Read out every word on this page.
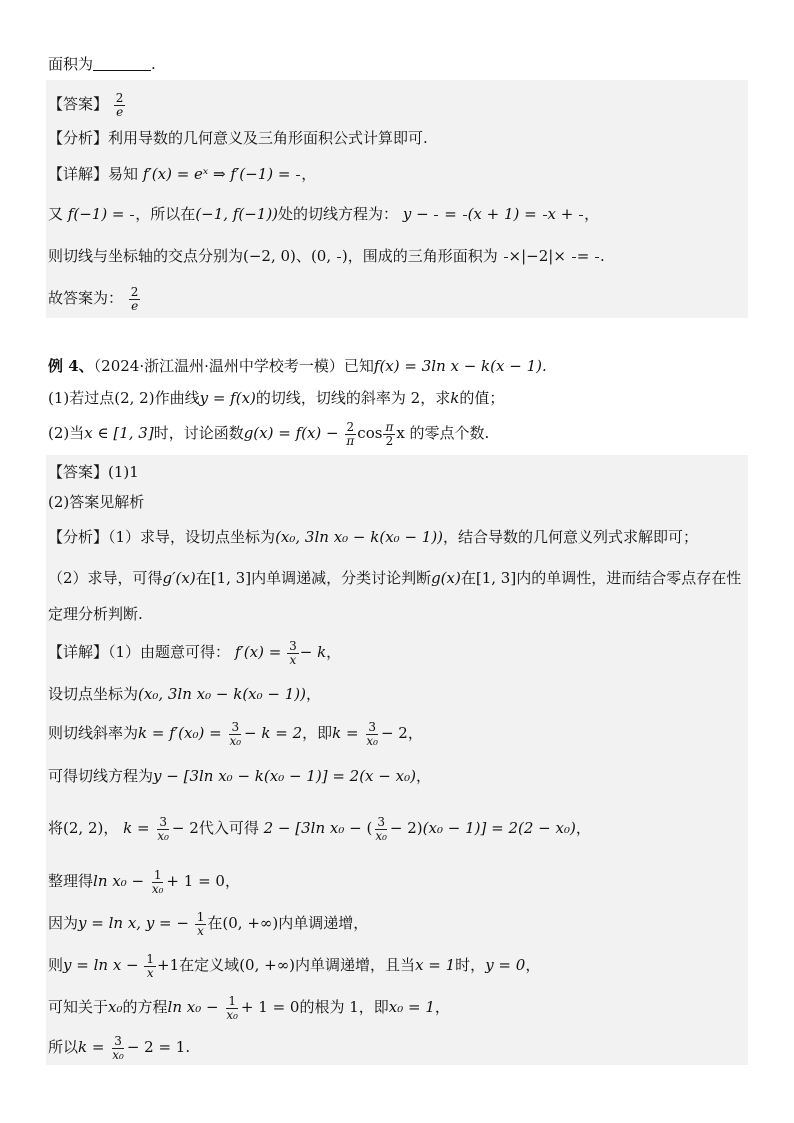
面积为	.
【答案】 $\frac{2}{e}$
【分析】利用导数的几何意义及三角形面积公式计算即可.
【详解】易知 f′(x) = eˣ ⇒ f′(−1) = ，
又 f(−1) = ，所以在(−1, f(−1))处的切线方程为： y − = (x + 1) = x + ，
则切线与坐标轴的交点分别为(−2, 0)、(0, )，围成的三角形面积为 ×|−2|× = .
故答案为： $\frac{2}{e}$
例 4、（2024·浙江温州·温州中学校考一模）已知f(x) = 3ln x − k(x − 1).
(1)若过点(2, 2)作曲线y = f(x)的切线，切线的斜率为 2，求k的值；
(2)当x ∈ [1, 3]时，讨论函数$g(x) = f(x) - \frac{2}{\pi}$ $\cos \frac{\pi}{2}$ x 的零点个数.
【答案】(1)1
(2)答案见解析
【分析】（1）求导，设切点坐标为(x₀, 3ln x₀ − k(x₀ − 1))，结合导数的几何意义列式求解即可；
（2）求导，可得g′(x)在[1, 3]内单调递减，分类讨论判断g(x)在[1, 3]内的单调性，进而结合零点存在性
定理分析判断.
【详解】（1）由题意可得： $f'(x) = \frac{3}{x} - k$，
设切点坐标为(x₀, 3ln x₀ − k(x₀ − 1))，
则切线斜率为$k = f'(x_0) = \frac{3}{\text{x₀}} - k = 2$，即$k = \frac{3}{\text{x₀}} - 2$，
可得切线方程为y − [3ln x₀ − k(x₀ − 1)] = 2(x − x₀)，
将(2, 2)， $k = \frac{3}{\text{x₀}} - 2$代入可得 2 − [3ln x₀ − ( $\frac{3}{\text{x₀}} - 2)(x_0 - 1)] = 2(2 - x_0)$，
整理得$\ln x_0 - \frac{1}{\text{x₀}} + 1 = 0$，
因为y = ln x, y = − $\frac{1}{x}$ 在(0, +∞)内单调递增，
则$y = \ln x - \frac{1}{x} +1$在定义域(0, +∞)内单调递增，且当x = 1时，y = 0，
可知关于x₀的方程$\ln x_0 - \frac{1}{\text{x₀}} + 1 = 0$的根为 1，即x₀ = 1，
所以$k = \frac{3}{\text{x₀}} - 2 = 1$.
